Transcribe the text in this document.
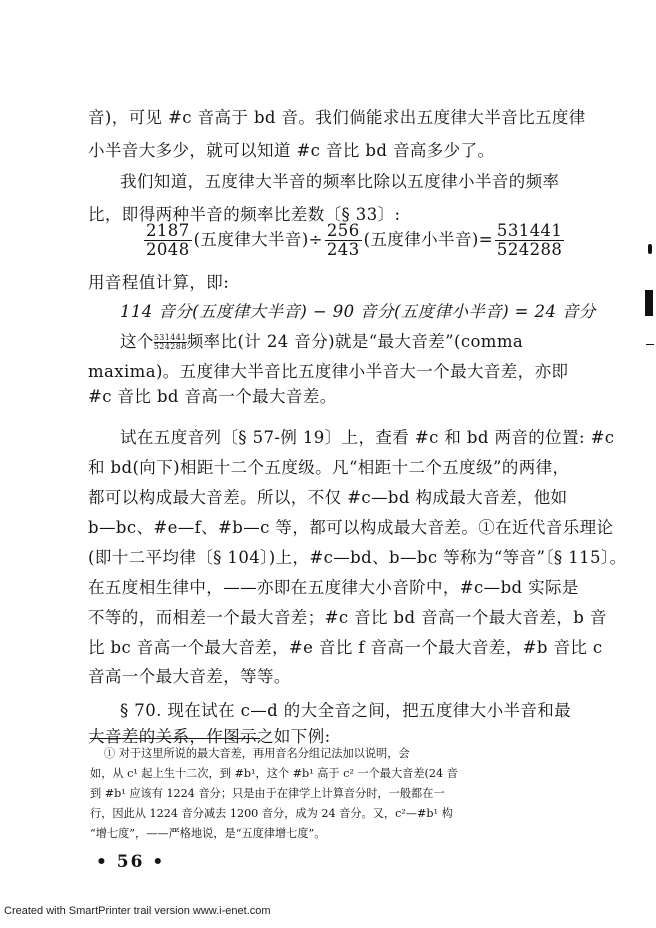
音)，可见 #c 音高于 bd 音。我们倘能求出五度律大半音比五度律
小半音大多少，就可以知道 #c 音比 bd 音高多少了。
我们知道，五度律大半音的频率比除以五度律小半音的频率
比，即得两种半音的频率比差数〔§ 33〕:
$\frac{2187}{2048}$ (五度律大半音)÷ $\frac{256}{243}$ (五度律小半音)= $\frac{531441}{524288}$
用音程值计算，即:
114 音分(五度律大半音) − 90 音分(五度律小半音) = 24 音分
这个 $\frac{531441}{524288}$ 频率比(计 24 音分)就是“最大音差”(comma
maxima)。五度律大半音比五度律小半音大一个最大音差，亦即
#c 音比 bd 音高一个最大音差。
试在五度音列〔§ 57-例 19〕上，查看 #c 和 bd 两音的位置: #c
和 bd(向下)相距十二个五度级。凡“相距十二个五度级”的两律，
都可以构成最大音差。所以，不仅 #c—bd 构成最大音差，他如
b—bc、#e—f、#b—c 等，都可以构成最大音差。①在近代音乐理论
(即十二平均律〔§ 104〕)上，#c—bd、b—bc 等称为“等音”〔§ 115〕。
在五度相生律中，——亦即在五度律大小音阶中，#c—bd 实际是
不等的，而相差一个最大音差；#c 音比 bd 音高一个最大音差，b 音
比 bc 音高一个最大音差，#e 音比 f 音高一个最大音差，#b 音比 c
音高一个最大音差，等等。
§ 70. 现在试在 c—d 的大全音之间，把五度律大小半音和最
大音差的关系，作图示之如下例:
① 对于这里所说的最大音差，再用音名分组记法加以说明，会
如，从 c¹ 起上生十二次，到 #b¹，这个 #b¹ 高于 c² 一个最大音差(24 音
到 #b¹ 应该有 1224 音分；只是由于在律学上计算音分时，一般都在一
行，因此从 1224 音分减去 1200 音分，成为 24 音分。又，c²—#b¹ 构
“增七度”，——严格地说，是“五度律增七度”。
• 56 •
Created with SmartPrinter trail version www.i-enet.com
